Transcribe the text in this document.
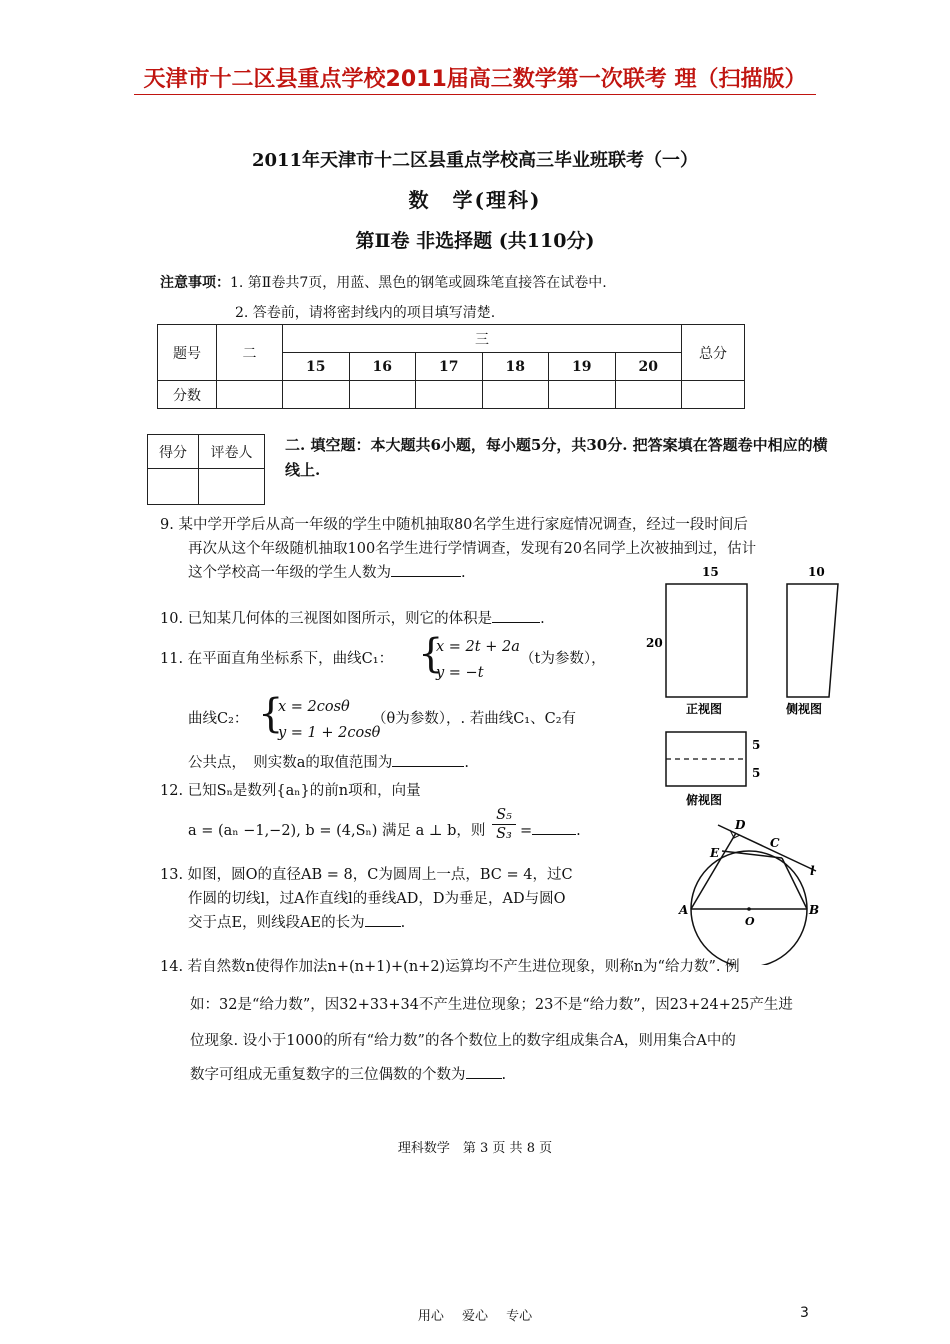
天津市十二区县重点学校2011届高三数学第一次联考 理（扫描版）
2011年天津市十二区县重点学校高三毕业班联考（一）
数　学(理科)
第Ⅱ卷 非选择题 (共110分)
注意事项：1. 第Ⅱ卷共7页，用蓝、黑色的钢笔或圆珠笔直接答在试卷中.
2. 答卷前，请将密封线内的项目填写清楚.
题号	二	三						总分
		15	16	17	18	19	20	
分数								
得分	评卷人
	二. 填空题：本大题共6小题，每小题5分，共30分. 把答案填在答题卷中相应的横线上.
9. 某中学开学后从高一年级的学生中随机抽取80名学生进行家庭情况调查，经过一段时间后
再次从这个年级随机抽取100名学生进行学情调查，发现有20名同学上次被抽到过，估计
这个学校高一年级的学生人数为	.
10. 已知某几何体的三视图如图所示，则它的体积是	.
11. 在平面直角坐标系下，曲线C₁： {
x = 2t + 2a
y = −t
（t为参数），
曲线C₂： {
x = 2cosθ
y = 1 + 2cosθ
（θ为参数），. 若曲线C₁、C₂有
公共点，　则实数a的取值范围为	.
12. 已知Sₙ是数列{aₙ}的前n项和，向量
a = (aₙ −1,−2), b = (4,Sₙ) 满足 a ⊥ b，则
S₅
S₃ =	.
13. 如图，圆O的直径AB = 8，C为圆周上一点，BC = 4，过C
作圆的切线l，过A作直线l的垂线AD，D为垂足，AD与圆O
交于点E，则线段AE的长为 .
14. 若自然数n使得作加法n+(n+1)+(n+2)运算均不产生进位现象，则称n为“给力数”. 例
如：32是“给力数”，因32+33+34不产生进位现象；23不是“给力数”，因23+24+25产生进
位现象. 设小于1000的所有“给力数”的各个数位上的数字组成集合A，则用集合A中的
数字可组成无重复数字的三位偶数的个数为 .
15	10
20
正视图	侧视图
5
5
俯视图
D
C
E
l
A
O
B
理科数学　第 3 页 共 8 页
用心 爱心 专心	3
